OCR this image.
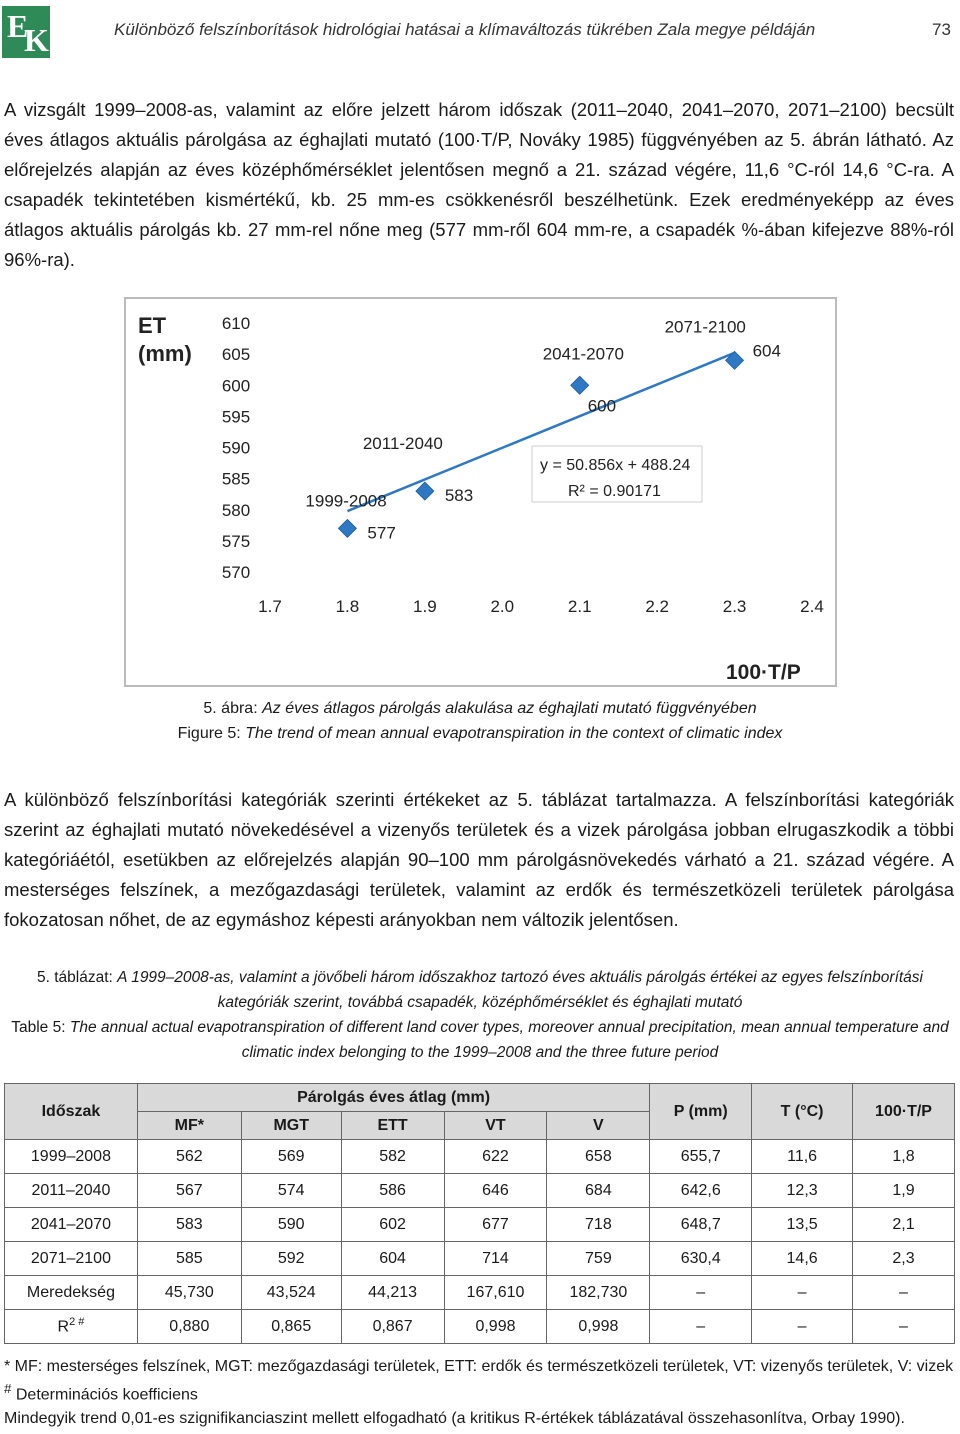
E
K	Különböző felszínborítások hidrológiai hatásai a klímaváltozás tükrében Zala megye példáján	73

A vizsgált 1999–2008-as, valamint az előre jelzett három időszak (2011–2040, 2041–2070, 2071–2100) becsült éves átlagos aktuális párolgása az éghajlati mutató (100·T/P, Nováky 1985) függvényében az 5. ábrán látható. Az előrejelzés alapján az éves középhőmérséklet jelentősen megnő a 21. század végére, 11,6 °C-ról 14,6 °C-ra. A csapadék tekintetében kismértékű, kb. 25 mm-es csökkenésről beszélhetünk. Ezek eredményeképp az éves átlagos aktuális párolgás kb. 27 mm-rel nőne meg (577 mm-ről 604 mm-re, a csapadék %-ában kifejezve 88%-ról 96%-ra).

ET
(mm)
100·T/P
y = 50.856x + 488.24
R² = 0.90171
610
605
600
595
590
585
580
575
570
1.7	1.8	1.9	2.0	2.1	2.2	2.3	2.4
1999-2008
577
2011-2040
583
2041-2070
600
2071-2100
604

5. ábra: Az éves átlagos párolgás alakulása az éghajlati mutató függvényében

Figure 5: The trend of mean annual evapotranspiration in the context of climatic index

A különböző felszínborítási kategóriák szerinti értékeket az 5. táblázat tartalmazza. A felszínborítási kategóriák szerint az éghajlati mutató növekedésével a vizenyős területek és a vizek párolgása jobban elrugaszkodik a többi kategóriáétól, esetükben az előrejelzés alapján 90–100 mm párolgásnövekedés várható a 21. század végére. A mesterséges felszínek, a mezőgazdasági területek, valamint az erdők és természetközeli területek párolgása fokozatosan nőhet, de az egymáshoz képesti arányokban nem változik jelentősen.

5. táblázat: A 1999–2008-as, valamint a jövőbeli három időszakhoz tartozó éves aktuális párolgás értékei az egyes felszínborítási kategóriák szerint, továbbá csapadék, középhőmérséklet és éghajlati mutató

Table 5: The annual actual evapotranspiration of different land cover types, moreover annual precipitation, mean annual temperature and climatic index belonging to the 1999–2008 and the three future period

Időszak	Párolgás éves átlag (mm)					P (mm)	T (°C)	100·T/P
	MF*	MGT	ETT	VT	V			
1999–2008	562	569	582	622	658	655,7	11,6	1,8
2011–2040	567	574	586	646	684	642,6	12,3	1,9
2041–2070	583	590	602	677	718	648,7	13,5	2,1
2071–2100	585	592	604	714	759	630,4	14,6	2,3
Meredekség	45,730	43,524	44,213	167,610	182,730	–	–	–
$R^{2 \#}$	0,880	0,865	0,867	0,998	0,998	–	–	–

* MF: mesterséges felszínek, MGT: mezőgazdasági területek, ETT: erdők és természetközeli területek, VT: vizenyős területek, V: vizek

# Determinációs koefficiens

Mindegyik trend 0,01-es szignifikanciaszint mellett elfogadható (a kritikus R-értékek táblázatával összehasonlítva, Orbay 1990).
